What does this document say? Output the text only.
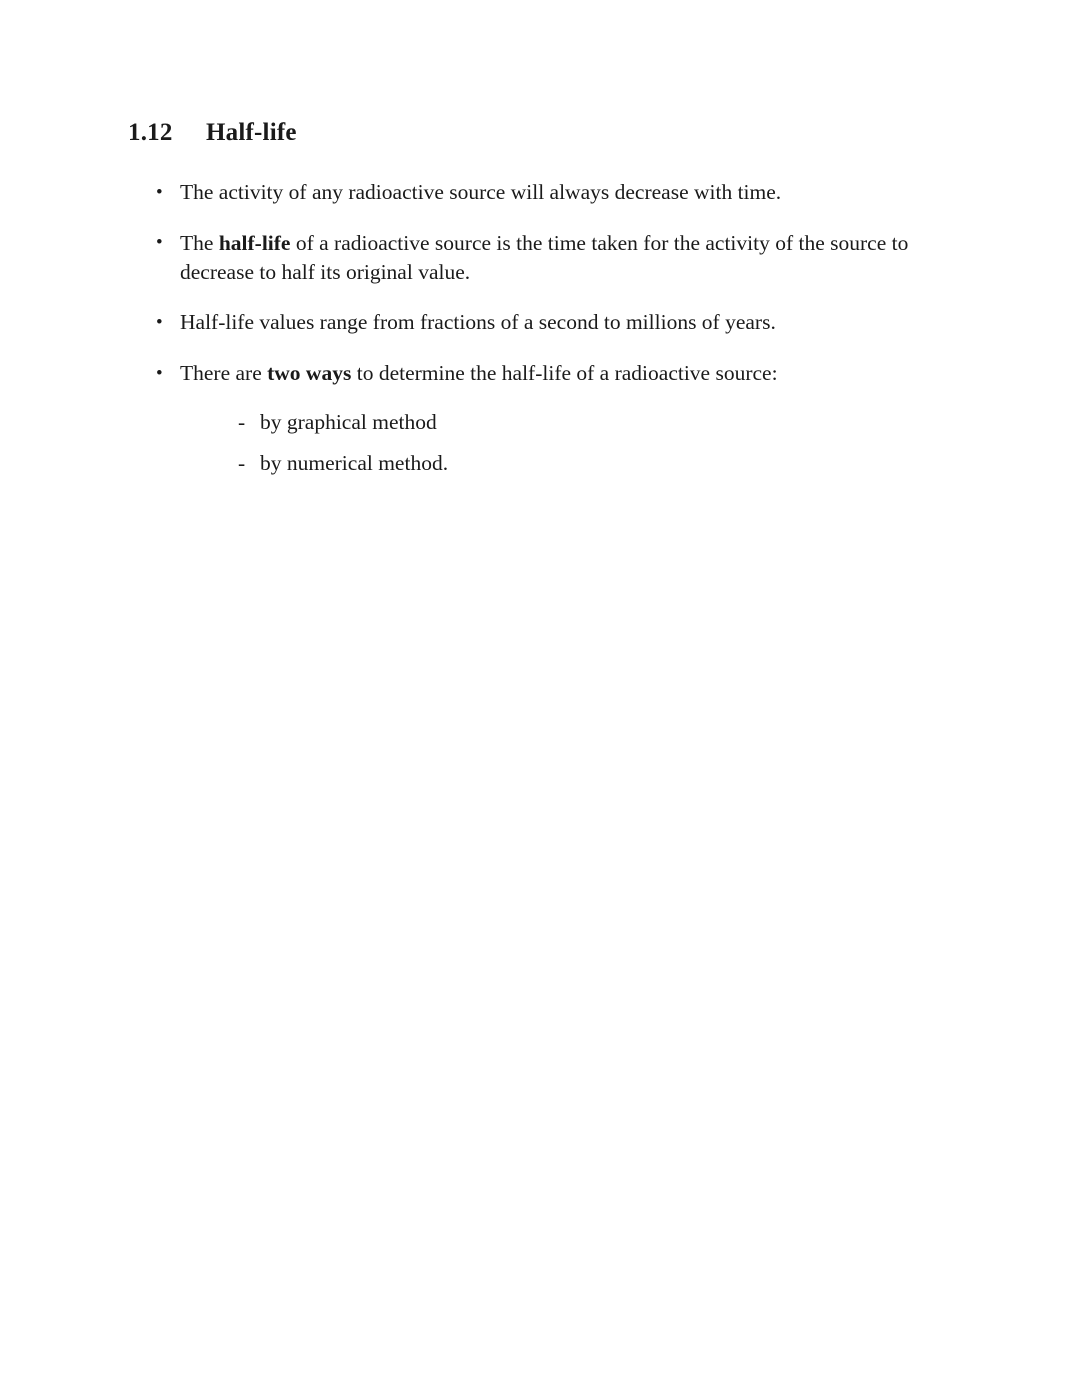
1.12	Half-life
• The activity of any radioactive source will always decrease with time.
• The half-life of a radioactive source is the time taken for the activity of the source to decrease to half its original value.
• Half-life values range from fractions of a second to millions of years.
• There are two ways to determine the half-life of a radioactive source:
- by graphical method
- by numerical method.
